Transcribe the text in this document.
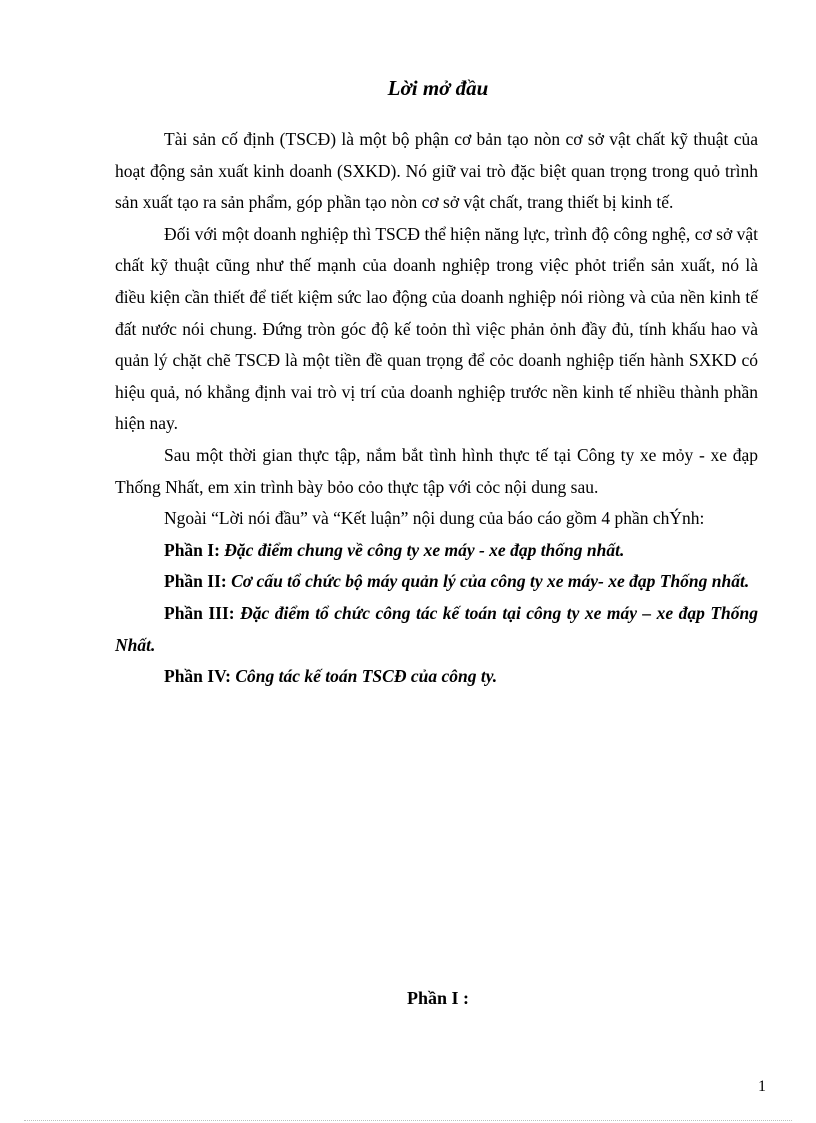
Lời mở đầu

Tài sản cố định (TSCĐ) là một bộ phận cơ bản tạo nòn cơ sở vật chất kỹ thuật của hoạt động sản xuất kinh doanh (SXKD). Nó giữ vai trò đặc biệt quan trọng trong quỏ trình sản xuất tạo ra sản phẩm, góp phần tạo nòn cơ sở vật chất, trang thiết bị kinh tế.

Đối với một doanh nghiệp thì TSCĐ thể hiện năng lực, trình độ công nghệ, cơ sở vật chất kỹ thuật cũng như thế mạnh của doanh nghiệp trong việc phỏt triển sản xuất, nó là điều kiện cần thiết để tiết kiệm sức lao động của doanh nghiệp nói riòng và của nền kinh tế đất nước nói chung. Đứng tròn góc độ kế toỏn thì việc phản ỏnh đầy đủ, tính khấu hao và quản lý chặt chẽ TSCĐ là một tiền đề quan trọng để cỏc doanh nghiệp tiến hành SXKD có hiệu quả, nó khẳng định vai trò vị trí của doanh nghiệp trước nền kinh tế nhiều thành phần hiện nay.

Sau một thời gian thực tập, nắm bắt tình hình thực tế tại Công ty xe mỏy - xe đạp Thống Nhất, em xin trình bày bỏo cỏo thực tập với cỏc nội dung sau.

Ngoài “Lời nói đầu” và “Kết luận” nội dung của báo cáo gồm 4 phần chÝnh:

Phần I: Đặc điểm chung về công ty xe máy - xe đạp thống nhất.

Phần II: Cơ cấu tổ chức bộ máy quản lý của công ty xe máy- xe đạp Thống nhất.

Phần III: Đặc điểm tổ chức công tác kế toán tại công ty xe máy – xe đạp Thống Nhất.

Phần IV: Công tác kế toán TSCĐ của công ty.

Phần I :
1
